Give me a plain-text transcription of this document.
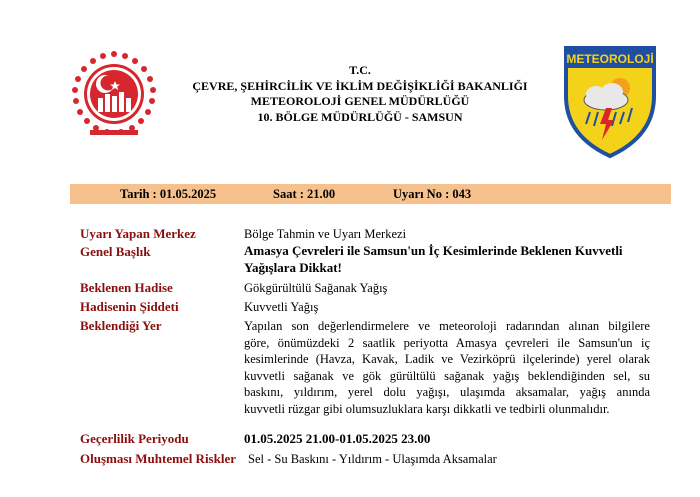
METEOROLOJİ
T.C.
ÇEVRE, ŞEHİRCİLİK VE İKLİM DEĞİŞİKLİĞİ BAKANLIĞI
METEOROLOJİ GENEL MÜDÜRLÜĞÜ
10. BÖLGE MÜDÜRLÜĞÜ - SAMSUN
Tarih : 01.05.2025	Saat : 21.00	Uyarı No : 043
Uyarı Yapan Merkez	Bölge Tahmin ve Uyarı Merkezi
Genel Başlık	Amasya Çevreleri ile Samsun'un İç Kesimlerinde Beklenen Kuvvetli
Yağışlara Dikkat!
Beklenen Hadise	Gökgürültülü Sağanak Yağış
Hadisenin Şiddeti	Kuvvetli Yağış
Beklendiği Yer	Yapılan son değerlendirmelere ve meteoroloji radarından alınan bilgilere
göre, önümüzdeki 2 saatlik periyotta Amasya çevreleri ile Samsun'un iç
kesimlerinde (Havza, Kavak, Ladik ve Vezirköprü ilçelerinde) yerel olarak
kuvvetli sağanak ve gök gürültülü sağanak yağış beklendiğinden sel, su
baskını, yıldırım, yerel dolu yağışı, ulaşımda aksamalar, yağış anında
kuvvetli rüzgar gibi olumsuzluklara karşı dikkatli ve tedbirli olunmalıdır.
Geçerlilik Periyodu	01.05.2025 21.00-01.05.2025 23.00
Oluşması Muhtemel Riskler Sel - Su Baskını - Yıldırım - Ulaşımda Aksamalar
